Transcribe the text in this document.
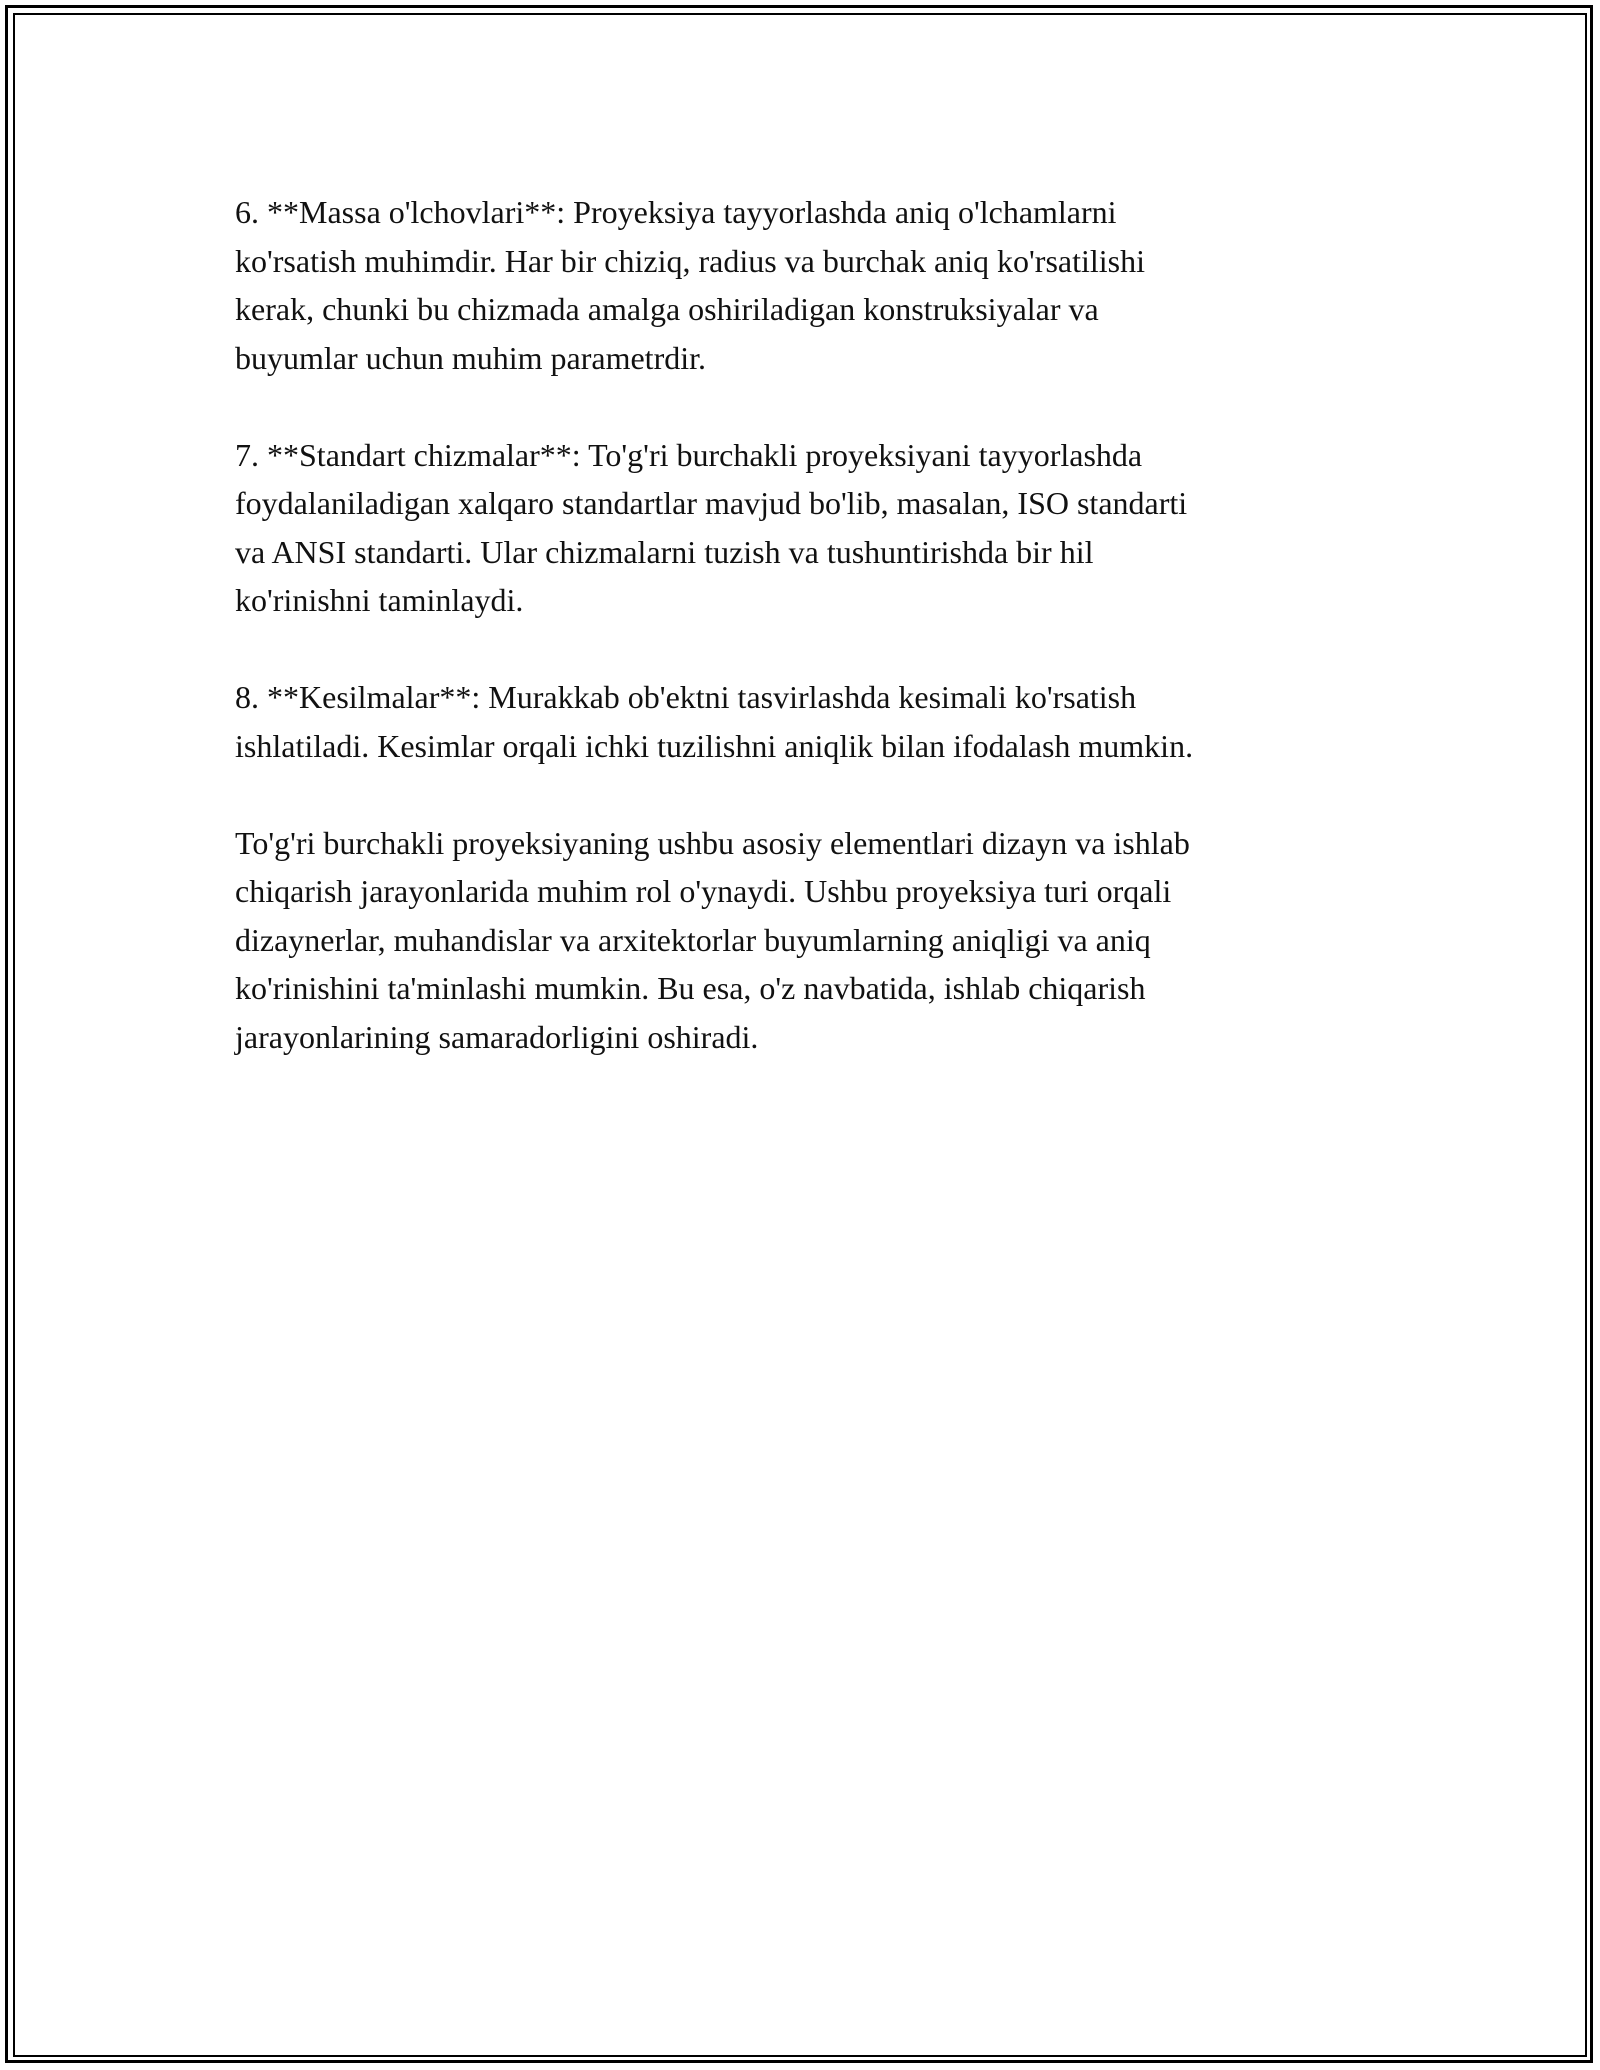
6. **Massa o'lchovlari**: Proyeksiya tayyorlashda aniq o'lchamlarni
ko'rsatish muhimdir. Har bir chiziq, radius va burchak aniq ko'rsatilishi
kerak, chunki bu chizmada amalga oshiriladigan konstruksiyalar va
buyumlar uchun muhim parametrdir.

7. **Standart chizmalar**: To'g'ri burchakli proyeksiyani tayyorlashda
foydalaniladigan xalqaro standartlar mavjud bo'lib, masalan, ISO standarti
va ANSI standarti. Ular chizmalarni tuzish va tushuntirishda bir hil
ko'rinishni taminlaydi.

8. **Kesilmalar**: Murakkab ob'ektni tasvirlashda kesimali ko'rsatish
ishlatiladi. Kesimlar orqali ichki tuzilishni aniqlik bilan ifodalash mumkin.

To'g'ri burchakli proyeksiyaning ushbu asosiy elementlari dizayn va ishlab
chiqarish jarayonlarida muhim rol o'ynaydi. Ushbu proyeksiya turi orqali
dizaynerlar, muhandislar va arxitektorlar buyumlarning aniqligi va aniq
ko'rinishini ta'minlashi mumkin. Bu esa, o'z navbatida, ishlab chiqarish
jarayonlarining samaradorligini oshiradi.
